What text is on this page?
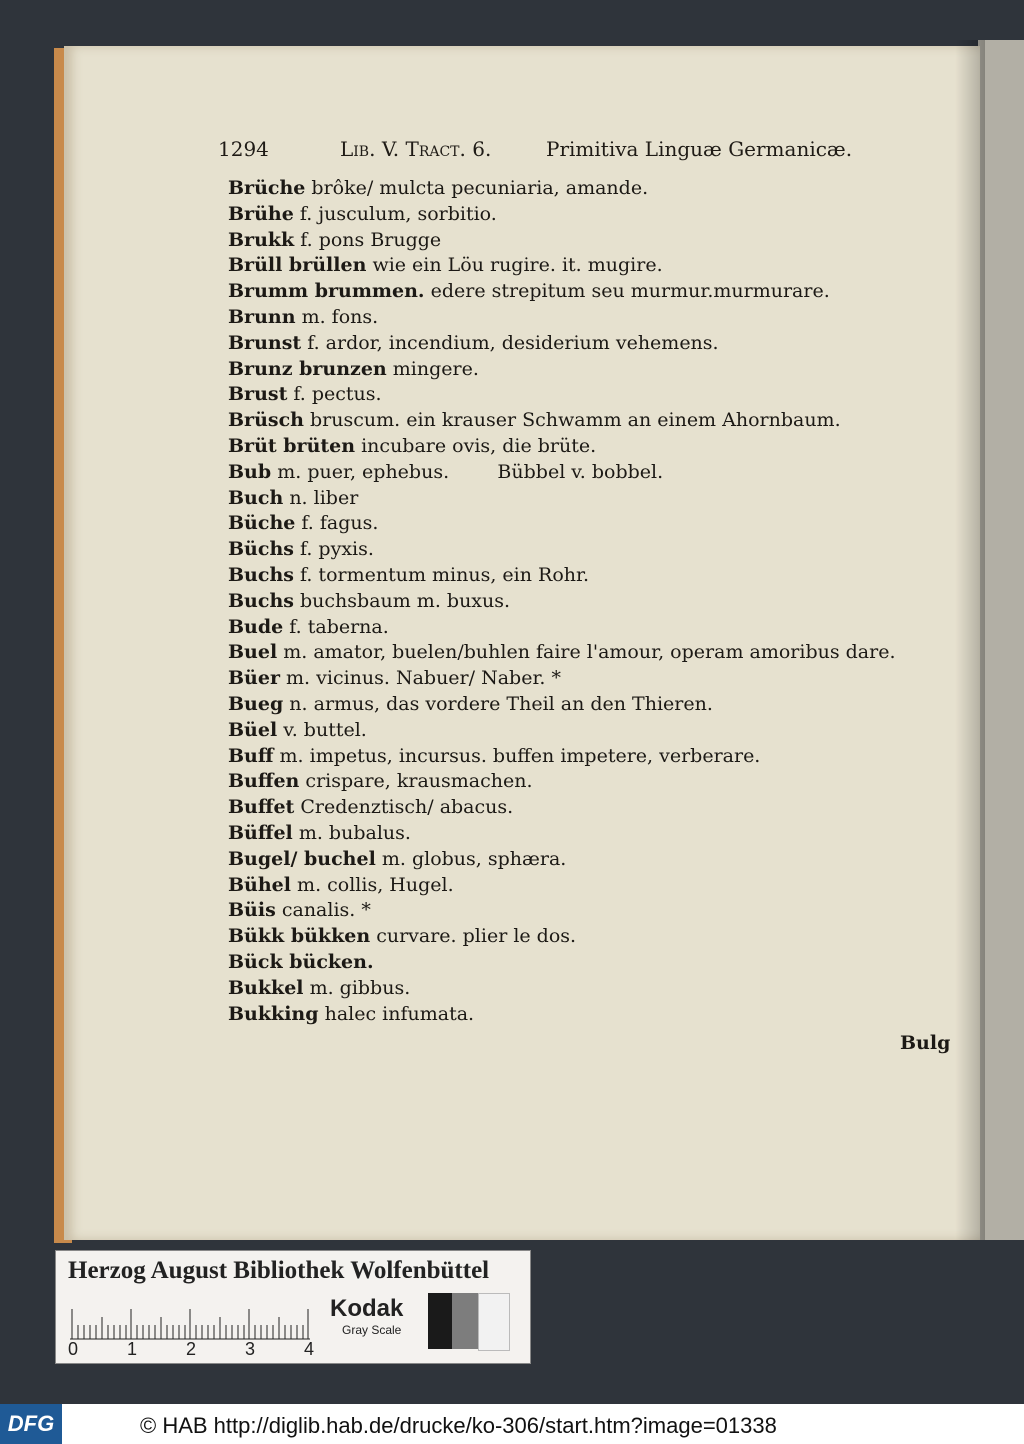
1294	Lib. V. Tract. 6.	Primitiva Linguæ Germanicæ.
Brüche brôke/ mulcta pecuniaria, amande.
Brühe f. jusculum, sorbitio.
Brukk f. pons Brugge
Brüll brüllen wie ein Löu rugire. it. mugire.
Brumm brummen. edere strepitum seu murmur.murmurare.
Brunn m. fons.
Brunst f. ardor, incendium, desiderium vehemens.
Brunz brunzen mingere.
Brust f. pectus.
Brüsch bruscum. ein krauser Schwamm an einem Ahornbaum.
Brüt brüten incubare ovis, die brüte.
Bub m. puer, ephebus.        Bübbel v. bobbel.
Buch n. liber
Büche f. fagus.
Büchs f. pyxis.
Buchs f. tormentum minus, ein Rohr.
Buchs buchsbaum m. buxus.
Bude f. taberna.
Buel m. amator, buelen/buhlen faire l'amour, operam amoribus dare.
Büer m. vicinus. Nabuer/ Naber. *
Bueg n. armus, das vordere Theil an den Thieren.
Büel v. buttel.
Buff m. impetus, incursus. buffen impetere, verberare.
Buffen crispare, krausmachen.
Buffet Credenztisch/ abacus.
Büffel m. bubalus.
Bugel/ buchel m. globus, sphæra.
Bühel m. collis, Hugel.
Büis canalis. *
Bükk bükken curvare. plier le dos.
Bück bücken.
Bukkel m. gibbus.
Bukking halec infumata.
Bulg
Herzog August Bibliothek Wolfenbüttel
0	1	2	3	4
Kodak
Gray Scale
DFG	© HAB http://diglib.hab.de/drucke/ko-306/start.htm?image=01338
